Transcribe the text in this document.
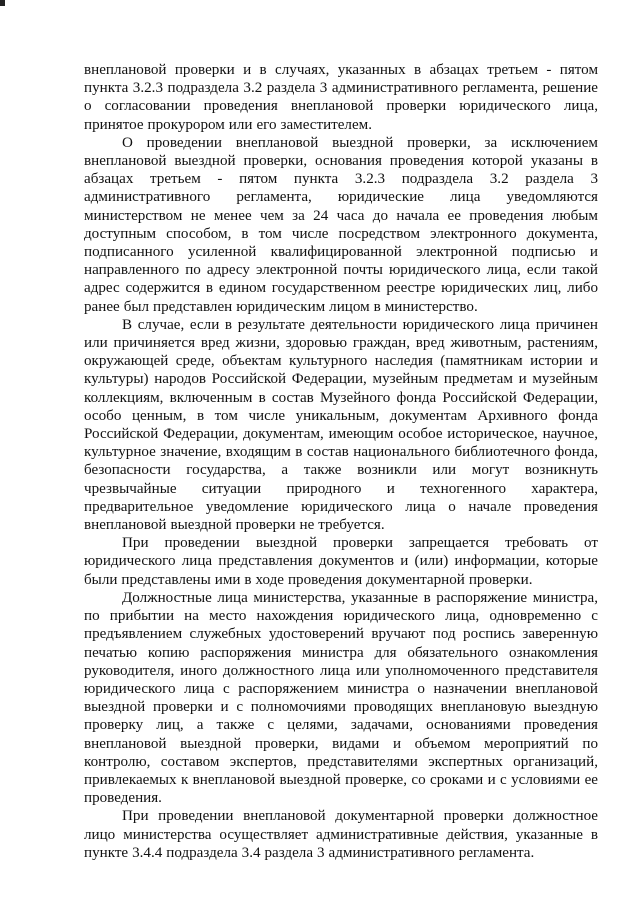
внеплановой проверки и в случаях, указанных в абзацах третьем - пятом пункта 3.2.3 подраздела 3.2 раздела 3 административного регламента, решение о согласовании проведения внеплановой проверки юридического лица, принятое прокурором или его заместителем.

О проведении внеплановой выездной проверки, за исключением внеплановой выездной проверки, основания проведения которой указаны в абзацах третьем - пятом пункта 3.2.3 подраздела 3.2 раздела 3 административного регламента, юридические лица уведомляются министерством не менее чем за 24 часа до начала ее проведения любым доступным способом, в том числе посредством электронного документа, подписанного усиленной квалифицированной электронной подписью и направленного по адресу электронной почты юридического лица, если такой адрес содержится в едином государственном реестре юридических лиц, либо ранее был представлен юридическим лицом в министерство.

В случае, если в результате деятельности юридического лица причинен или причиняется вред жизни, здоровью граждан, вред животным, растениям, окружающей среде, объектам культурного наследия (памятникам истории и культуры) народов Российской Федерации, музейным предметам и музейным коллекциям, включенным в состав Музейного фонда Российской Федерации, особо ценным, в том числе уникальным, документам Архивного фонда Российской Федерации, документам, имеющим особое историческое, научное, культурное значение, входящим в состав национального библиотечного фонда, безопасности государства, а также возникли или могут возникнуть чрезвычайные ситуации природного и техногенного характера, предварительное уведомление юридического лица о начале проведения внеплановой выездной проверки не требуется.

При проведении выездной проверки запрещается требовать от юридического лица представления документов и (или) информации, которые были представлены ими в ходе проведения документарной проверки.

Должностные лица министерства, указанные в распоряжение министра, по прибытии на место нахождения юридического лица, одновременно с предъявлением служебных удостоверений вручают под роспись заверенную печатью копию распоряжения министра для обязательного ознакомления руководителя, иного должностного лица или уполномоченного представителя юридического лица с распоряжением министра о назначении внеплановой выездной проверки и с полномочиями проводящих внеплановую выездную проверку лиц, а также с целями, задачами, основаниями проведения внеплановой выездной проверки, видами и объемом мероприятий по контролю, составом экспертов, представителями экспертных организаций, привлекаемых к внеплановой выездной проверке, со сроками и с условиями ее проведения.

При проведении внеплановой документарной проверки должностное лицо министерства осуществляет административные действия, указанные в пункте 3.4.4 подраздела 3.4 раздела 3 административного регламента.
